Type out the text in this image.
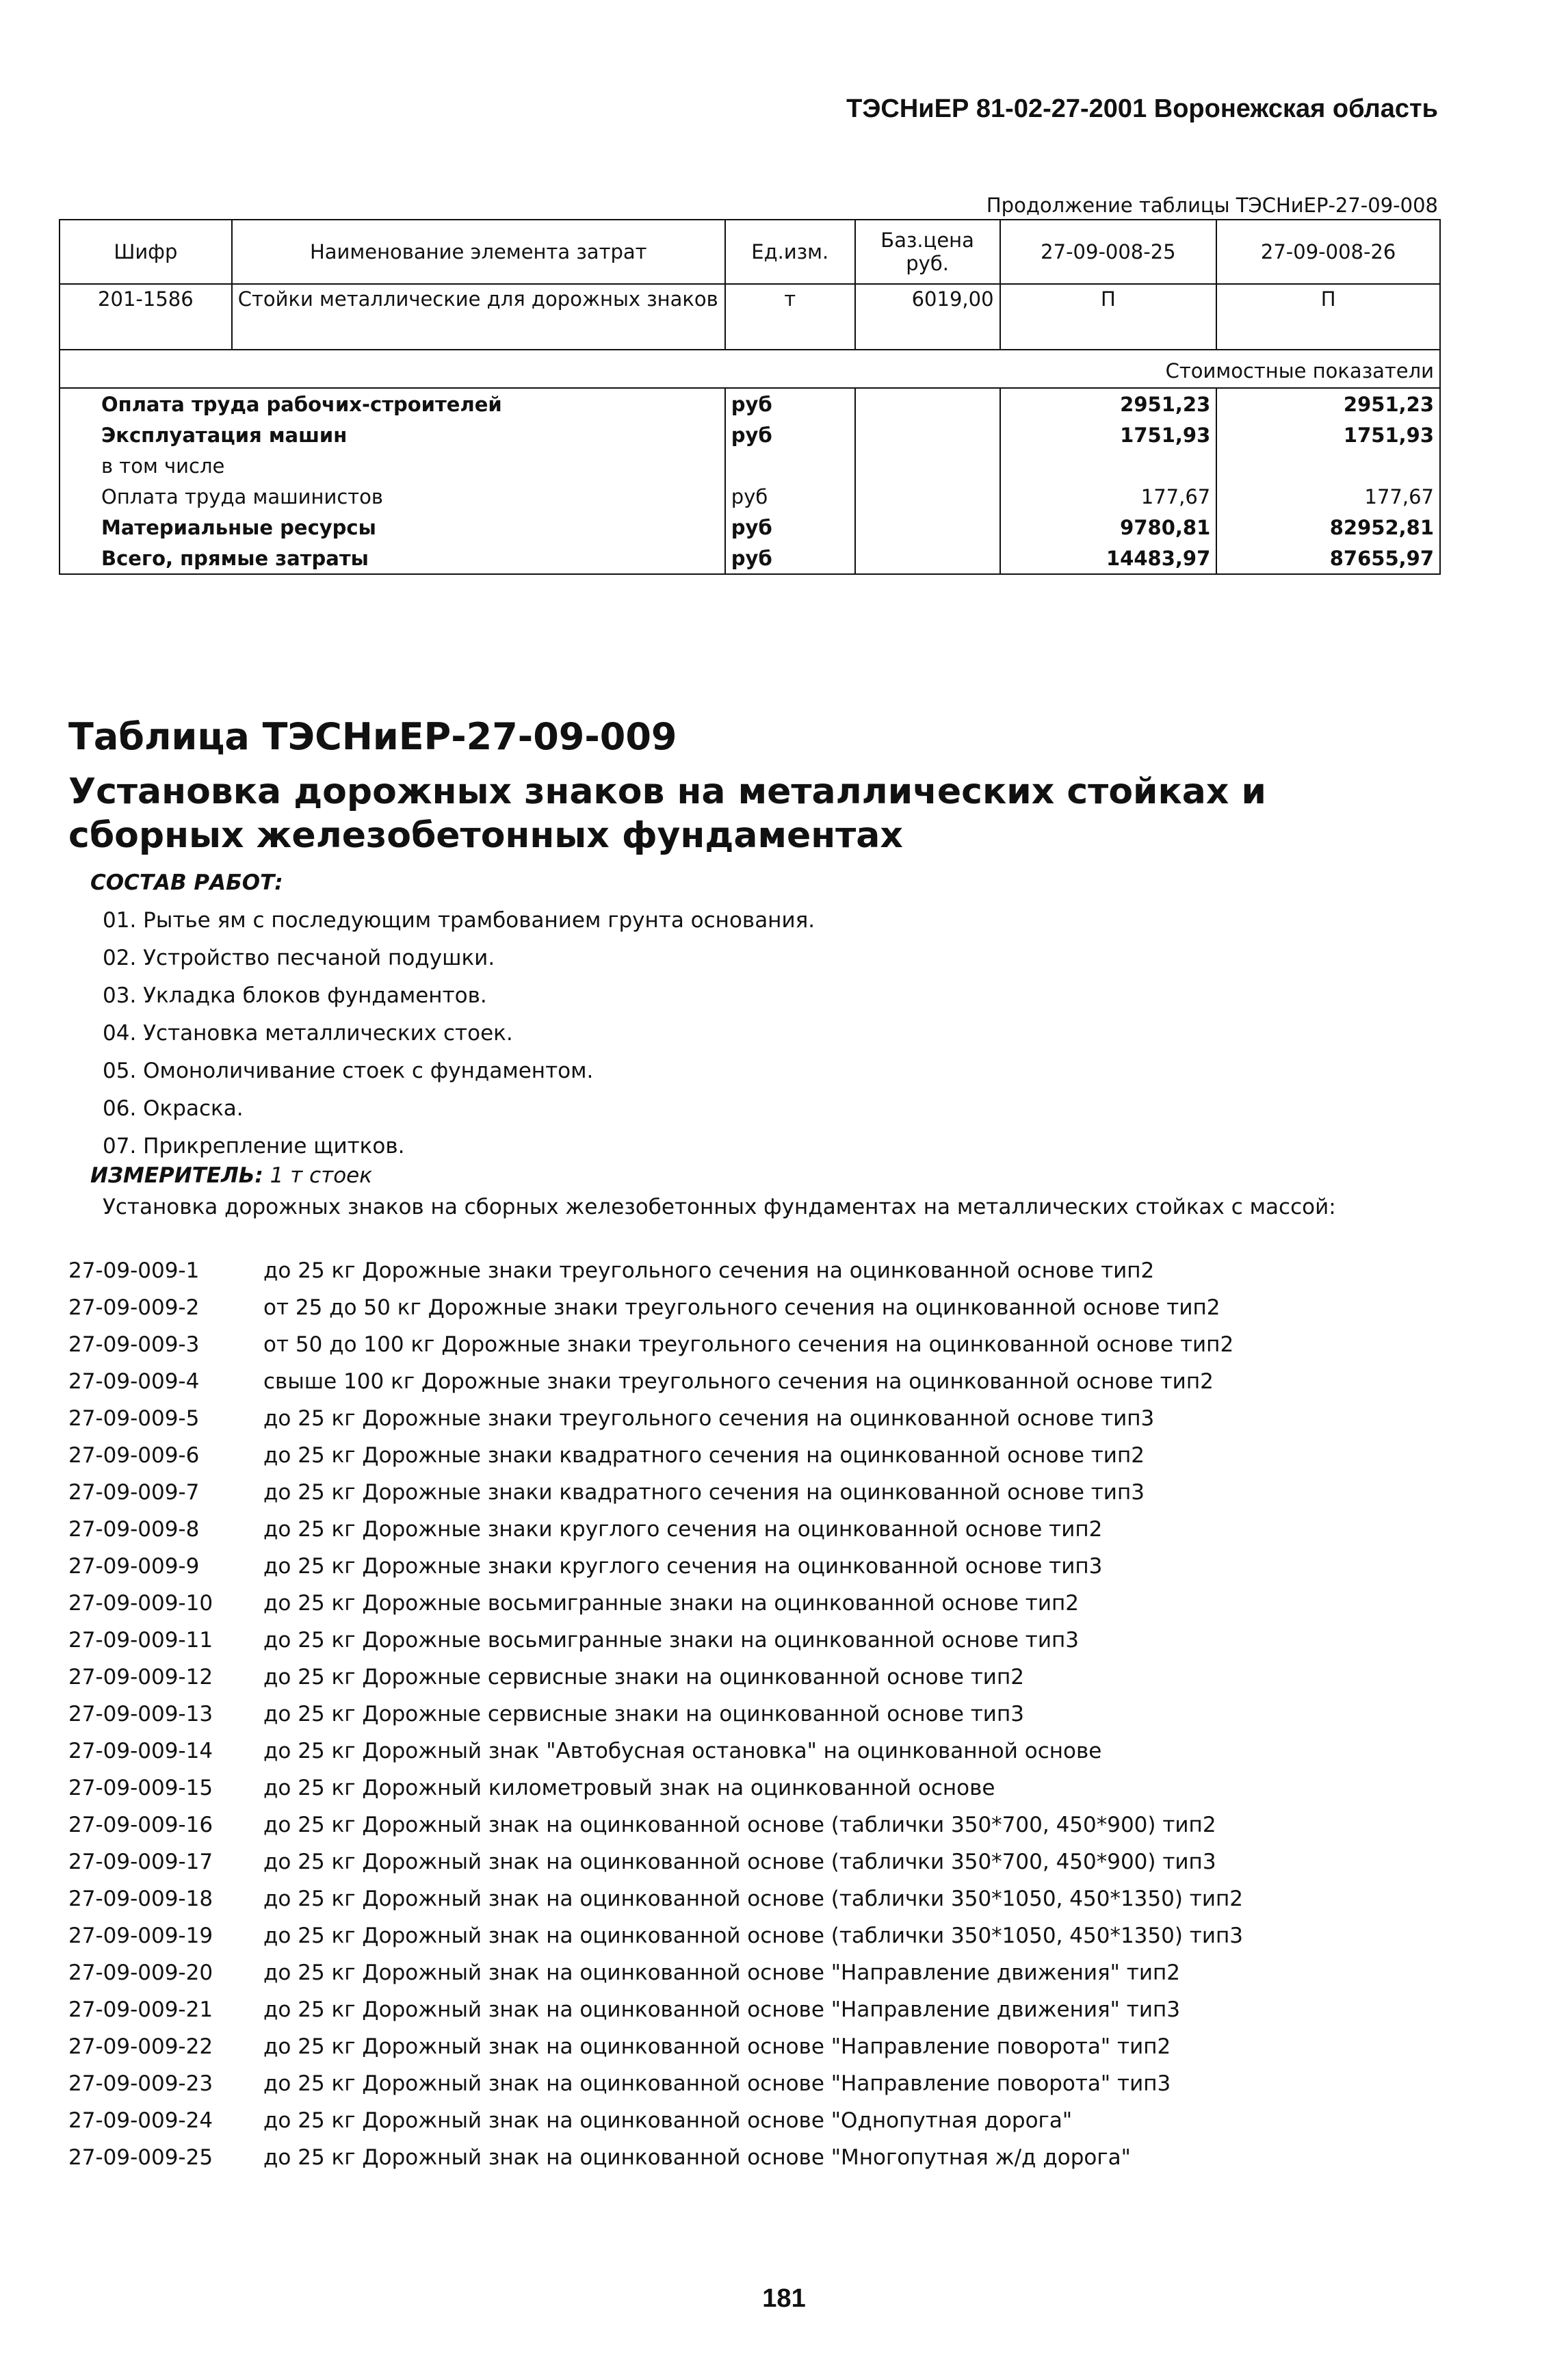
ТЭСНиЕР 81-02-27-2001 Воронежская область
Продолжение таблицы ТЭСНиЕР-27-09-008
Шифр	Наименование элемента затрат	Ед.изм.	Баз.цена руб.	27-09-008-25	27-09-008-26
201-1586	Стойки металлические для дорожных знаков	т	6019,00	П	П
Стоимостные показатели					
Оплата труда рабочих-строителей		руб		2951,23	2951,23
Эксплуатация машин		руб		1751,93	1751,93
в том числе					
Оплата труда машинистов		руб		177,67	177,67
Материальные ресурсы		руб		9780,81	82952,81
Всего, прямые затраты		руб		14483,97	87655,97
Таблица ТЭСНиЕР-27-09-009
Установка дорожных знаков на металлических стойках и сборных железобетонных фундаментах
СОСТАВ РАБОТ:
01. Рытье ям с последующим трамбованием грунта основания.
02. Устройство песчаной подушки.
03. Укладка блоков фундаментов.
04. Установка металлических стоек.
05. Омоноличивание стоек с фундаментом.
06. Окраска.
07. Прикрепление щитков.
ИЗМЕРИТЕЛЬ: 1 т стоек
Установка дорожных знаков на сборных железобетонных фундаментах на металлических стойках с массой:
27-09-009-1	до 25 кг Дорожные знаки треугольного сечения на оцинкованной основе тип2
27-09-009-2	от 25 до 50 кг Дорожные знаки треугольного сечения на оцинкованной основе тип2
27-09-009-3	от 50 до 100 кг Дорожные знаки треугольного сечения на оцинкованной основе тип2
27-09-009-4	свыше 100 кг Дорожные знаки треугольного сечения на оцинкованной основе тип2
27-09-009-5	до 25 кг Дорожные знаки треугольного сечения на оцинкованной основе тип3
27-09-009-6	до 25 кг Дорожные знаки квадратного сечения на оцинкованной основе тип2
27-09-009-7	до 25 кг Дорожные знаки квадратного сечения на оцинкованной основе тип3
27-09-009-8	до 25 кг Дорожные знаки круглого сечения на оцинкованной основе тип2
27-09-009-9	до 25 кг Дорожные знаки круглого сечения на оцинкованной основе тип3
27-09-009-10 до 25 кг Дорожные восьмигранные знаки на оцинкованной основе тип2
27-09-009-11 до 25 кг Дорожные восьмигранные знаки на оцинкованной основе тип3
27-09-009-12 до 25 кг Дорожные сервисные знаки на оцинкованной основе тип2
27-09-009-13 до 25 кг Дорожные сервисные знаки на оцинкованной основе тип3
27-09-009-14 до 25 кг Дорожный знак "Автобусная остановка" на оцинкованной основе
27-09-009-15 до 25 кг Дорожный километровый знак на оцинкованной основе
27-09-009-16 до 25 кг Дорожный знак на оцинкованной основе (таблички 350*700, 450*900) тип2
27-09-009-17 до 25 кг Дорожный знак на оцинкованной основе (таблички 350*700, 450*900) тип3
27-09-009-18 до 25 кг Дорожный знак на оцинкованной основе (таблички 350*1050, 450*1350) тип2
27-09-009-19 до 25 кг Дорожный знак на оцинкованной основе (таблички 350*1050, 450*1350) тип3
27-09-009-20 до 25 кг Дорожный знак на оцинкованной основе "Направление движения" тип2
27-09-009-21 до 25 кг Дорожный знак на оцинкованной основе "Направление движения" тип3
27-09-009-22 до 25 кг Дорожный знак на оцинкованной основе "Направление поворота" тип2
27-09-009-23 до 25 кг Дорожный знак на оцинкованной основе "Направление поворота" тип3
27-09-009-24 до 25 кг Дорожный знак на оцинкованной основе "Однопутная дорога"
27-09-009-25 до 25 кг Дорожный знак на оцинкованной основе "Многопутная ж/д дорога"
181
